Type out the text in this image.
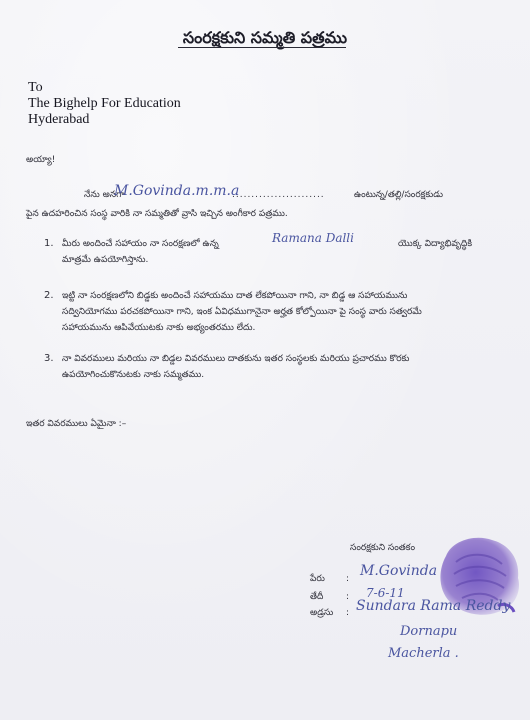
సంరక్షకుని సమ్మతి పత్రము
To
The Bighelp For Education
Hyderabad
అయ్యా!
నేను అనగా
M.Govinda.m.m.a
........................	ఉంటున్న/తల్లి/సంరక్షకుడు
పైన ఉదహరించిన సంస్థ వారికి నా సమ్మతితో వ్రాసి ఇచ్చిన అంగీకార పత్రము.
1. మీరు అందించే సహాయం నా సంరక్షణలో ఉన్న	Ramana Dalli	యొక్క విద్యాభివృద్ధికి
మాత్రమే ఉపయోగిస్తాను.
2. ఇట్టి నా సంరక్షణలోని బిడ్డకు అందించే సహాయము దాత లేకపోయినా గాని, నా బిడ్డ ఆ సహాయమును
సద్వినియోగము పరచకపోయినా గాని, ఇంక ఏవిధముగానైనా అర్హత కోల్పోయినా పై సంస్థ వారు సత్వరమే
సహాయమును ఆపివేయుటకు నాకు అభ్యంతరము లేదు.
3. నా వివరములు మరియు నా బిడ్డల వివరములు దాతకును ఇతర సంస్థలకు మరియు ప్రచారము కొరకు
ఉపయోగించుకొనుటకు నాకు సమ్మతము.
ఇతర వివరములు ఏమైనా :–
సంరక్షకుని సంతకం
పేరు : M.Govinda
తేదీ	: 7-6-11
అడ్రసు : Sundara Rama Reddy
Dornapu
Macherla .
